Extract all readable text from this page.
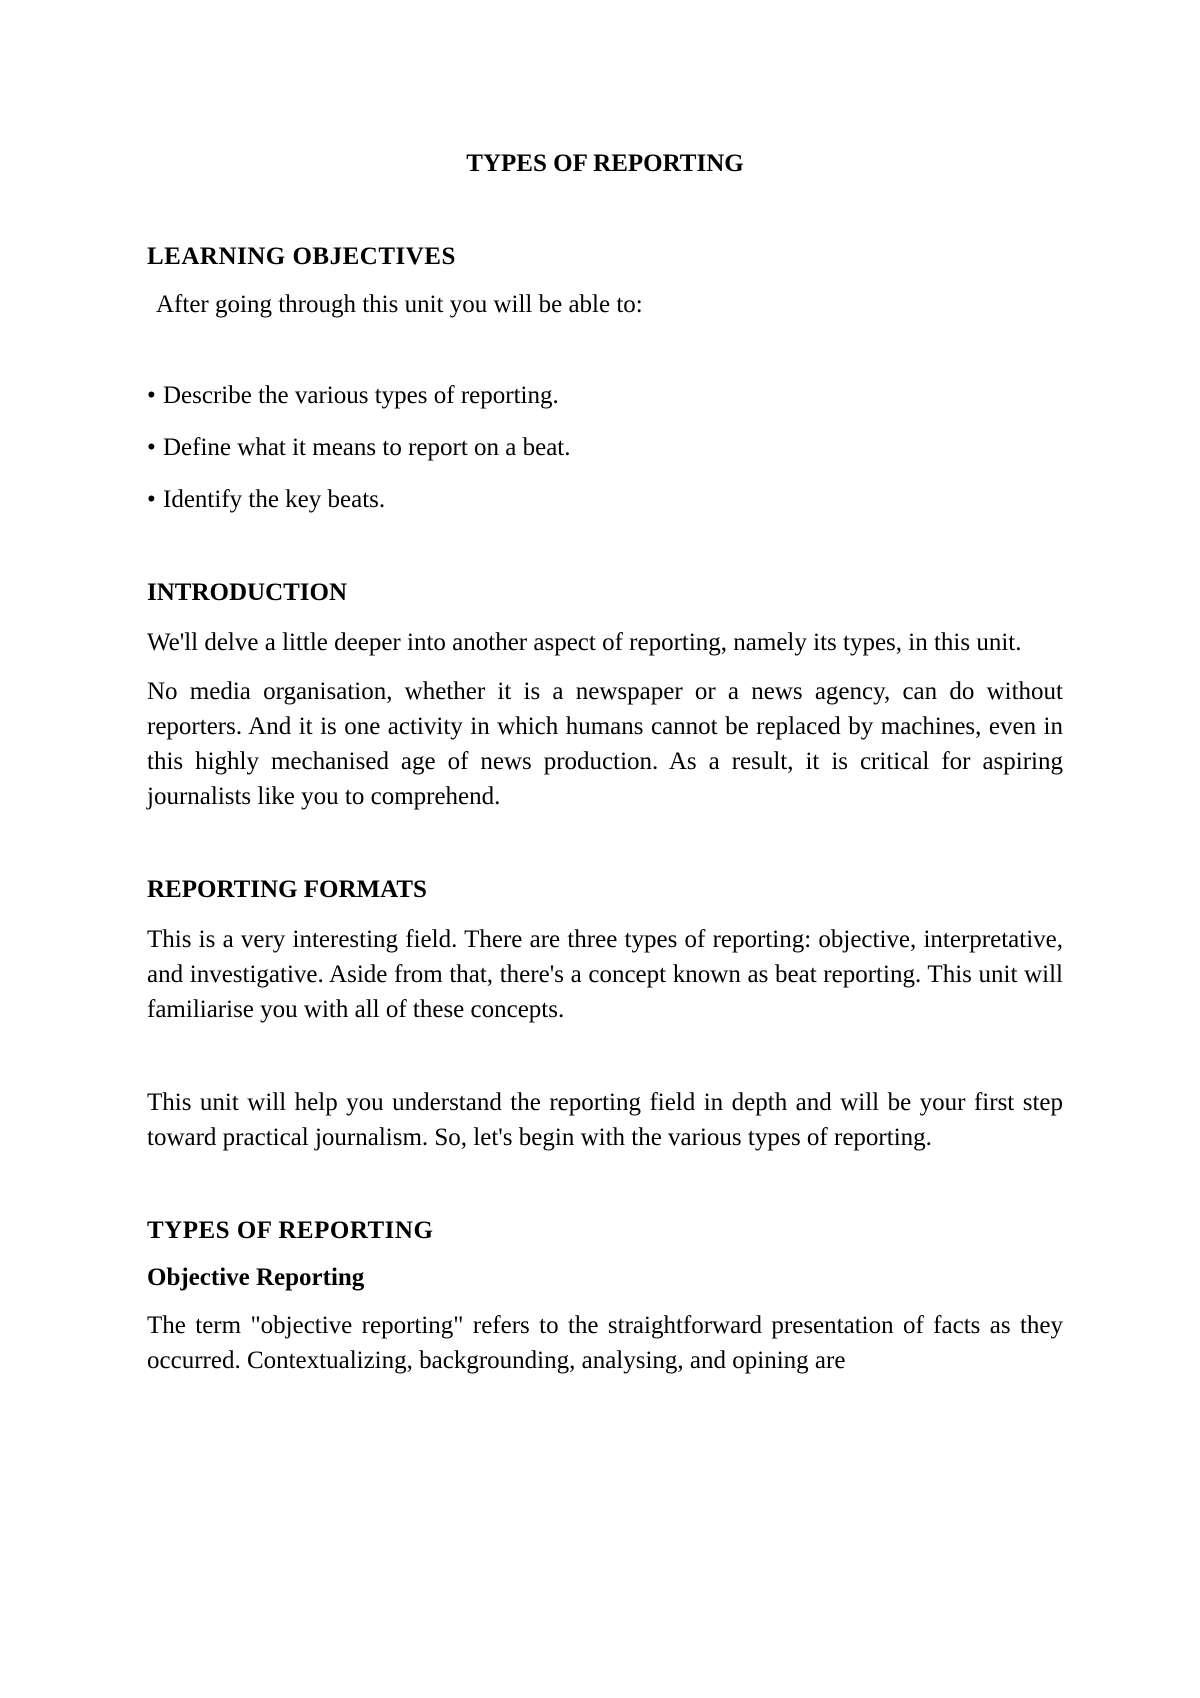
TYPES OF REPORTING

LEARNING OBJECTIVES

After going through this unit you will be able to:

• Describe the various types of reporting.
• Define what it means to report on a beat.
• Identify the key beats.

INTRODUCTION

We'll delve a little deeper into another aspect of reporting, namely its types, in this unit.

No media organisation, whether it is a newspaper or a news agency, can do without reporters. And it is one activity in which humans cannot be replaced by machines, even in this highly mechanised age of news production. As a result, it is critical for aspiring journalists like you to comprehend.

REPORTING FORMATS

This is a very interesting field. There are three types of reporting: objective, interpretative, and investigative. Aside from that, there's a concept known as beat reporting. This unit will familiarise you with all of these concepts.

This unit will help you understand the reporting field in depth and will be your first step toward practical journalism. So, let's begin with the various types of reporting.

TYPES OF REPORTING

Objective Reporting

The term "objective reporting" refers to the straightforward presentation of facts as they occurred. Contextualizing, backgrounding, analysing, and opining are
